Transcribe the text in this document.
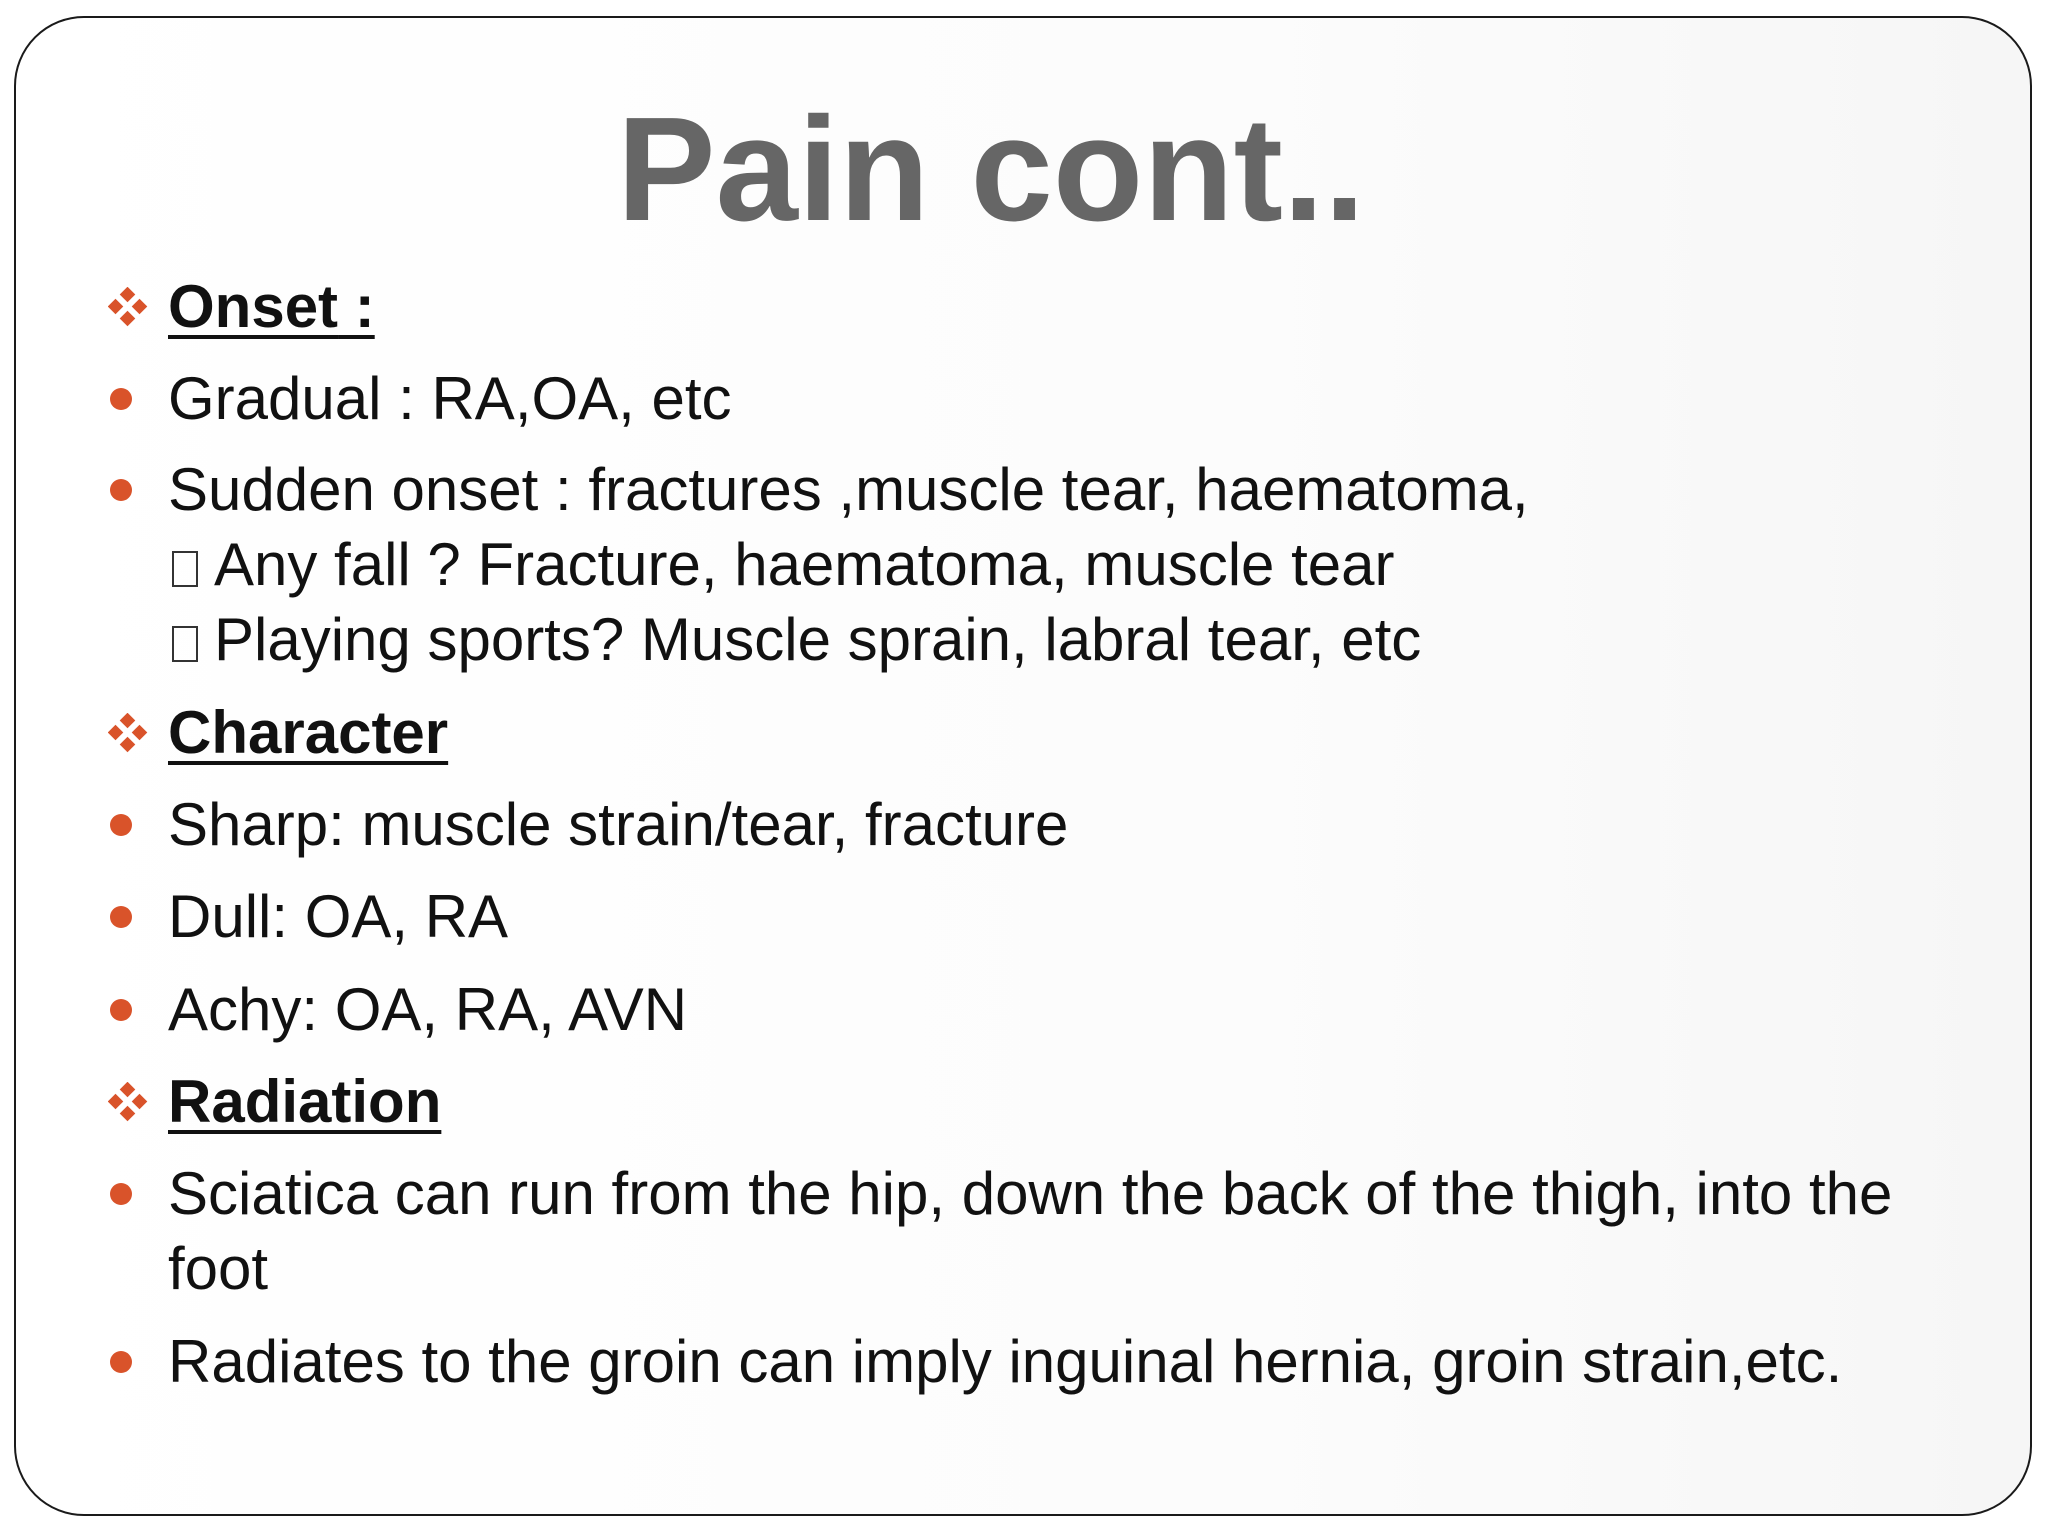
Pain cont..
Onset :
Gradual : RA,OA, etc
Sudden onset : fractures ,muscle tear, haematoma,
Any fall ? Fracture, haematoma, muscle tear
Playing sports? Muscle sprain, labral tear, etc
Character
Sharp: muscle strain/tear, fracture
Dull: OA, RA
Achy: OA, RA, AVN
Radiation
Sciatica can run from the hip, down the back of the thigh, into the
foot
Radiates to the groin can imply inguinal hernia, groin strain,etc.
